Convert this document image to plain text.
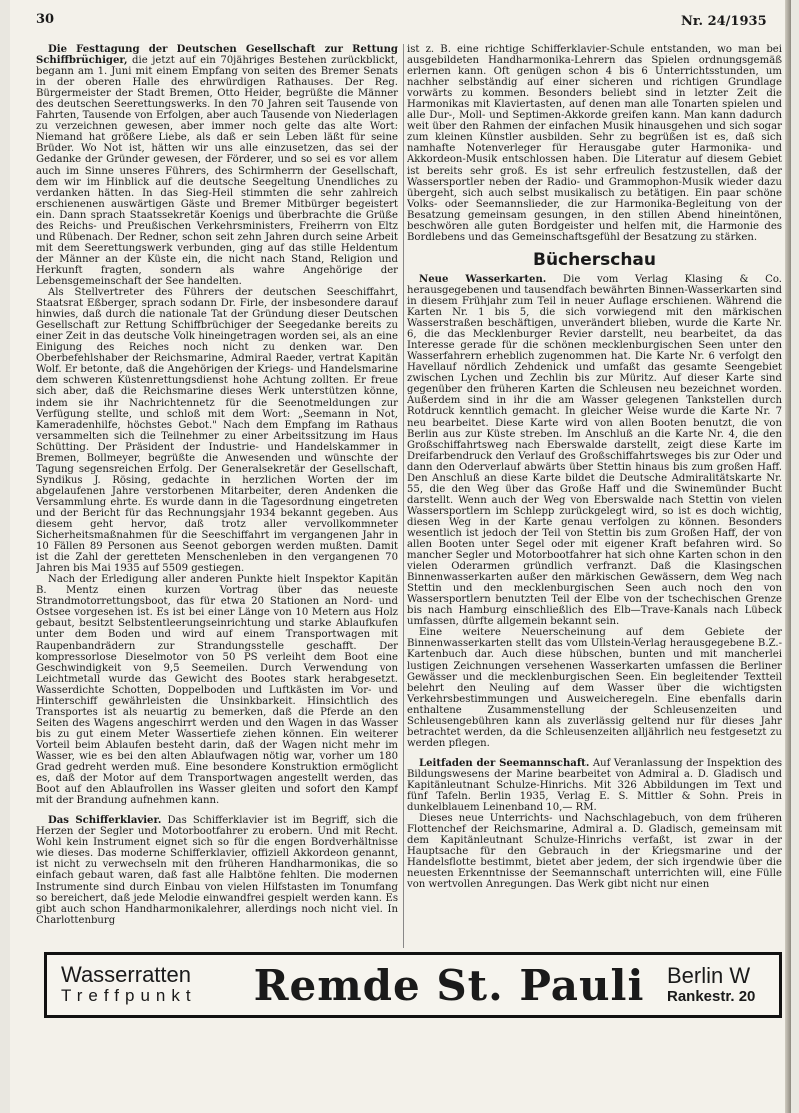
30	Nr. 24/1935

Die Festtagung der Deutschen Gesellschaft zur Rettung Schiffbrüchiger, die jetzt auf ein 70jähriges Bestehen zurückblickt, begann am 1. Juni mit einem Empfang von seiten des Bremer Senats in der oberen Halle des ehrwürdigen Rathauses. Der Reg. Bürgermeister der Stadt Bremen, Otto Heider, begrüßte die Männer des deutschen Seerettungswerks. In den 70 Jahren seit Tausende von Fahrten, Tausende von Erfolgen, aber auch Tausende von Niederlagen zu verzeichnen gewesen, aber immer noch gelte das alte Wort: Niemand hat größere Liebe, als daß er sein Leben läßt für seine Brüder. Wo Not ist, hätten wir uns alle einzusetzen, das sei der Gedanke der Gründer gewesen, der Förderer, und so sei es vor allem auch im Sinne unseres Führers, des Schirmherrn der Gesellschaft, dem wir im Hinblick auf die deutsche Seegeltung Unendliches zu verdanken hätten. In das Sieg-Heil stimmten die sehr zahlreich erschienenen auswärtigen Gäste und Bremer Mitbürger begeistert ein. Dann sprach Staatssekretär Koenigs und überbrachte die Grüße des Reichs- und Preußischen Verkehrsministers, Freiherrn von Eltz und Rübenach. Der Redner, schon seit zehn Jahren durch seine Arbeit mit dem Seerettungswerk verbunden, ging auf das stille Heldentum der Männer an der Küste ein, die nicht nach Stand, Religion und Herkunft fragten, sondern als wahre Angehörige der Lebensgemeinschaft der See handelten.

Als Stellvertreter des Führers der deutschen Seeschiffahrt, Staatsrat Eßberger, sprach sodann Dr. Firle, der insbesondere darauf hinwies, daß durch die nationale Tat der Gründung dieser Deutschen Gesellschaft zur Rettung Schiffbrüchiger der Seegedanke bereits zu einer Zeit in das deutsche Volk hineingetragen worden sei, als an eine Einigung des Reiches noch nicht zu denken war. Den Oberbefehlshaber der Reichsmarine, Admiral Raeder, vertrat Kapitän Wolf. Er betonte, daß die Angehörigen der Kriegs- und Handelsmarine dem schweren Küstenrettungsdienst hohe Achtung zollten. Er freue sich aber, daß die Reichsmarine dieses Werk unterstützen könne, indem sie ihr Nachrichtennetz für die Seenotmeldungen zur Verfügung stellte, und schloß mit dem Wort: „Seemann in Not, Kameradenhilfe, höchstes Gebot." Nach dem Empfang im Rathaus versammelten sich die Teilnehmer zu einer Arbeitssitzung im Haus Schütting. Der Präsident der Industrie- und Handelskammer in Bremen, Bollmeyer, begrüßte die Anwesenden und wünschte der Tagung segensreichen Erfolg. Der Generalsekretär der Gesellschaft, Syndikus J. Rösing, gedachte in herzlichen Worten der im abgelaufenen Jahre verstorbenen Mitarbeiter, deren Andenken die Versammlung ehrte. Es wurde dann in die Tagesordnung eingetreten und der Bericht für das Rechnungsjahr 1934 bekannt gegeben. Aus diesem geht hervor, daß trotz aller vervollkommneter Sicherheitsmaßnahmen für die Seeschiffahrt im vergangenen Jahr in 10 Fällen 89 Personen aus Seenot geborgen werden mußten. Damit ist die Zahl der geretteten Menschenleben in den vergangenen 70 Jahren bis Mai 1935 auf 5509 gestiegen.

Nach der Erledigung aller anderen Punkte hielt Inspektor Kapitän B. Mentz einen kurzen Vortrag über das neueste Strandmotorrettungsboot, das für etwa 20 Stationen an Nord- und Ostsee vorgesehen ist. Es ist bei einer Länge von 10 Metern aus Holz gebaut, besitzt Selbstentleerungseinrichtung und starke Ablaufkufen unter dem Boden und wird auf einem Transportwagen mit Raupenbandrädern zur Strandungsstelle geschafft. Der kompressorlose Dieselmotor von 50 PS verleiht dem Boot eine Geschwindigkeit von 9,5 Seemeilen. Durch Verwendung von Leichtmetall wurde das Gewicht des Bootes stark herabgesetzt. Wasserdichte Schotten, Doppelboden und Luftkästen im Vor- und Hinterschiff gewährleisten die Unsinkbarkeit. Hinsichtlich des Transportes ist als neuartig zu bemerken, daß die Pferde an den Seiten des Wagens angeschirrt werden und den Wagen in das Wasser bis zu gut einem Meter Wassertiefe ziehen können. Ein weiterer Vorteil beim Ablaufen besteht darin, daß der Wagen nicht mehr im Wasser, wie es bei den alten Ablaufwagen nötig war, vorher um 180 Grad gedreht werden muß. Eine besondere Konstruktion ermöglicht es, daß der Motor auf dem Transportwagen angestellt werden, das Boot auf den Ablaufrollen ins Wasser gleiten und sofort den Kampf mit der Brandung aufnehmen kann.

Das Schifferklavier. Das Schifferklavier ist im Begriff, sich die Herzen der Segler und Motorbootfahrer zu erobern. Und mit Recht. Wohl kein Instrument eignet sich so für die engen Bordverhältnisse wie dieses. Das moderne Schifferklavier, offiziell Akkordeon genannt, ist nicht zu verwechseln mit den früheren Handharmonikas, die so einfach gebaut waren, daß fast alle Halbtöne fehlten. Die modernen Instrumente sind durch Einbau von vielen Hilfstasten im Tonumfang so bereichert, daß jede Melodie einwandfrei gespielt werden kann. Es gibt auch schon Handharmonikalehrer, allerdings noch nicht viel. In Charlottenburg

ist z. B. eine richtige Schifferklavier-Schule entstanden, wo man bei ausgebildeten Handharmonika-Lehrern das Spielen ordnungsgemäß erlernen kann. Oft genügen schon 4 bis 6 Unterrichtsstunden, um nachher selbständig auf einer sicheren und richtigen Grundlage vorwärts zu kommen. Besonders beliebt sind in letzter Zeit die Harmonikas mit Klaviertasten, auf denen man alle Tonarten spielen und alle Dur-, Moll- und Septimen-Akkorde greifen kann. Man kann dadurch weit über den Rahmen der einfachen Musik hinausgehen und sich sogar zum kleinen Künstler ausbilden. Sehr zu begrüßen ist es, daß sich namhafte Notenverleger für Herausgabe guter Harmonika- und Akkordeon-Musik entschlossen haben. Die Literatur auf diesem Gebiet ist bereits sehr groß. Es ist sehr erfreulich festzustellen, daß der Wassersportler neben der Radio- und Grammophon-Musik wieder dazu übergeht, sich auch selbst musikalisch zu betätigen. Ein paar schöne Volks- oder Seemannslieder, die zur Harmonika-Begleitung von der Besatzung gemeinsam gesungen, in den stillen Abend hineintönen, beschwören alle guten Bordgeister und helfen mit, die Harmonie des Bordlebens und das Gemeinschaftsgefühl der Besatzung zu stärken.

Bücherschau

Neue Wasserkarten. Die vom Verlag Klasing & Co. herausgegebenen und tausendfach bewährten Binnen-Wasserkarten sind in diesem Frühjahr zum Teil in neuer Auflage erschienen. Während die Karten Nr. 1 bis 5, die sich vorwiegend mit den märkischen Wasserstraßen beschäftigen, unverändert blieben, wurde die Karte Nr. 6, die das Mecklenburger Revier darstellt, neu bearbeitet, da das Interesse gerade für die schönen mecklenburgischen Seen unter den Wasserfahrern erheblich zugenommen hat. Die Karte Nr. 6 verfolgt den Havellauf nördlich Zehdenick und umfaßt das gesamte Seengebiet zwischen Lychen und Zechlin bis zur Müritz. Auf dieser Karte sind gegenüber den früheren Karten die Schleusen neu bezeichnet worden. Außerdem sind in ihr die am Wasser gelegenen Tankstellen durch Rotdruck kenntlich gemacht. In gleicher Weise wurde die Karte Nr. 7 neu bearbeitet. Diese Karte wird von allen Booten benutzt, die von Berlin aus zur Küste streben. Im Anschluß an die Karte Nr. 4, die den Großschiffahrtsweg nach Eberswalde darstellt, zeigt diese Karte im Dreifarbendruck den Verlauf des Großschiffahrtsweges bis zur Oder und dann den Oderverlauf abwärts über Stettin hinaus bis zum großen Haff. Den Anschluß an diese Karte bildet die Deutsche Admiralitätskarte Nr. 55, die den Weg über das Große Haff und die Swinemünder Bucht darstellt. Wenn auch der Weg von Eberswalde nach Stettin von vielen Wassersportlern im Schlepp zurückgelegt wird, so ist es doch wichtig, diesen Weg in der Karte genau verfolgen zu können. Besonders wesentlich ist jedoch der Teil von Stettin bis zum Großen Haff, der von allen Booten unter Segel oder mit eigener Kraft befahren wird. So mancher Segler und Motorbootfahrer hat sich ohne Karten schon in den vielen Oderarmen gründlich verfranzt. Daß die Klasingschen Binnenwasserkarten außer den märkischen Gewässern, dem Weg nach Stettin und den mecklenburgischen Seen auch noch den von Wassersportlern benutzten Teil der Elbe von der tschechischen Grenze bis nach Hamburg einschließlich des Elb—Trave-Kanals nach Lübeck umfassen, dürfte allgemein bekannt sein.

Eine weitere Neuerscheinung auf dem Gebiete der Binnenwasserkarten stellt das vom Ullstein-Verlag herausgegebene B.Z.-Kartenbuch dar. Auch diese hübschen, bunten und mit mancherlei lustigen Zeichnungen versehenen Wasserkarten umfassen die Berliner Gewässer und die mecklenburgischen Seen. Ein begleitender Textteil belehrt den Neuling auf dem Wasser über die wichtigsten Verkehrsbestimmungen und Ausweicheregeln. Eine ebenfalls darin enthaltene Zusammenstellung der Schleusenzeiten und Schleusengebühren kann als zuverlässig geltend nur für dieses Jahr betrachtet werden, da die Schleusenzeiten alljährlich neu festgesetzt zu werden pflegen.

Leitfaden der Seemannschaft. Auf Veranlassung der Inspektion des Bildungswesens der Marine bearbeitet von Admiral a. D. Gladisch und Kapitänleutnant Schulze-Hinrichs. Mit 326 Abbildungen im Text und fünf Tafeln. Berlin 1935, Verlag E. S. Mittler & Sohn. Preis in dunkelblauem Leinenband 10,— RM.

Dieses neue Unterrichts- und Nachschlagebuch, von dem früheren Flottenchef der Reichsmarine, Admiral a. D. Gladisch, gemeinsam mit dem Kapitänleutnant Schulze-Hinrichs verfaßt, ist zwar in der Hauptsache für den Gebrauch in der Kriegsmarine und der Handelsflotte bestimmt, bietet aber jedem, der sich irgendwie über die neuesten Erkenntnisse der Seemannschaft unterrichten will, eine Fülle von wertvollen Anregungen. Das Werk gibt nicht nur einen

Wasserratten
Treffpunkt	Remde St. Pauli	Berlin W
Rankestr. 20
